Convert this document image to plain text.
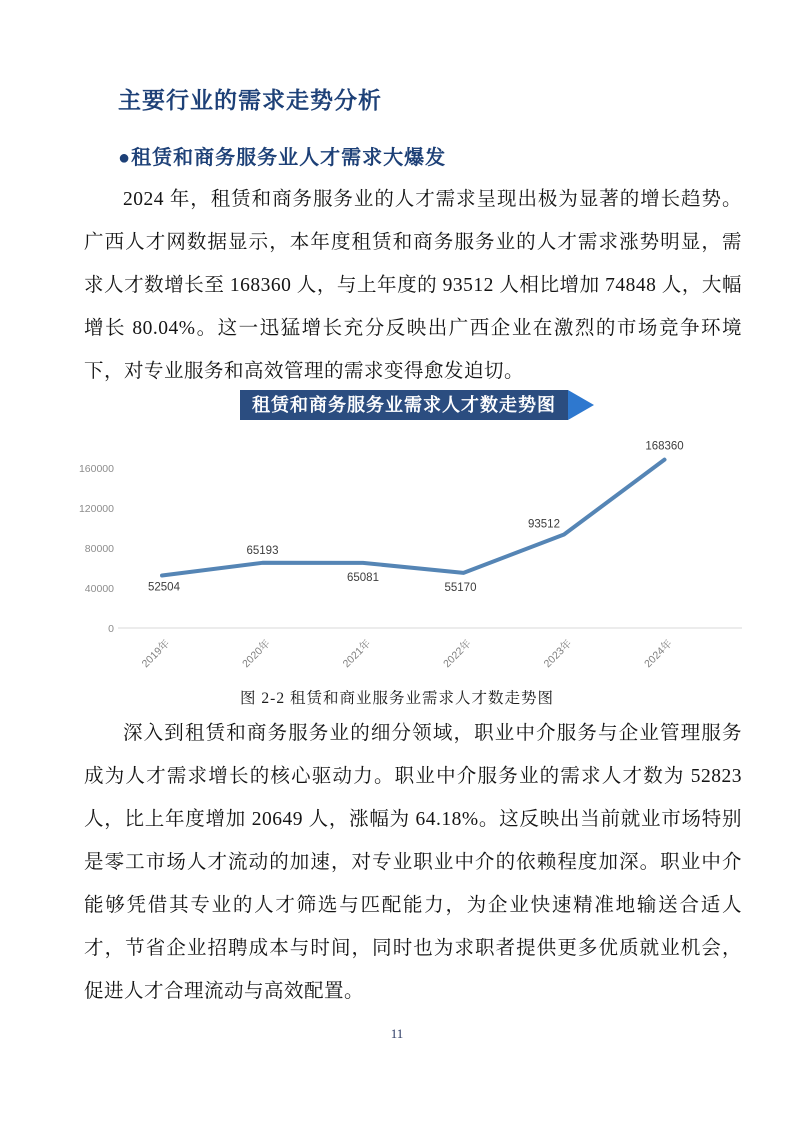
主要行业的需求走势分析
●租赁和商务服务业人才需求大爆发
2024 年，租赁和商务服务业的人才需求呈现出极为显著的增长趋势。广西人才网数据显示，本年度租赁和商务服务业的人才需求涨势明显，需求人才数增长至 168360 人，与上年度的 93512 人相比增加 74848 人，大幅增长 80.04%。这一迅猛增长充分反映出广西企业在激烈的市场竞争环境下，对专业服务和高效管理的需求变得愈发迫切。
租赁和商务服务业需求人才数走势图
0
40000
80000
120000
160000
2019年	2020年	2021年	2022年	2023年	2024年
52504
65193
65081
55170
93512
168360
图 2-2 租赁和商业服务业需求人才数走势图
深入到租赁和商务服务业的细分领域，职业中介服务与企业管理服务成为人才需求增长的核心驱动力。职业中介服务业的需求人才数为 52823 人，比上年度增加 20649 人，涨幅为 64.18%。这反映出当前就业市场特别是零工市场人才流动的加速，对专业职业中介的依赖程度加深。职业中介能够凭借其专业的人才筛选与匹配能力，为企业快速精准地输送合适人才，节省企业招聘成本与时间，同时也为求职者提供更多优质就业机会，促进人才合理流动与高效配置。
11
